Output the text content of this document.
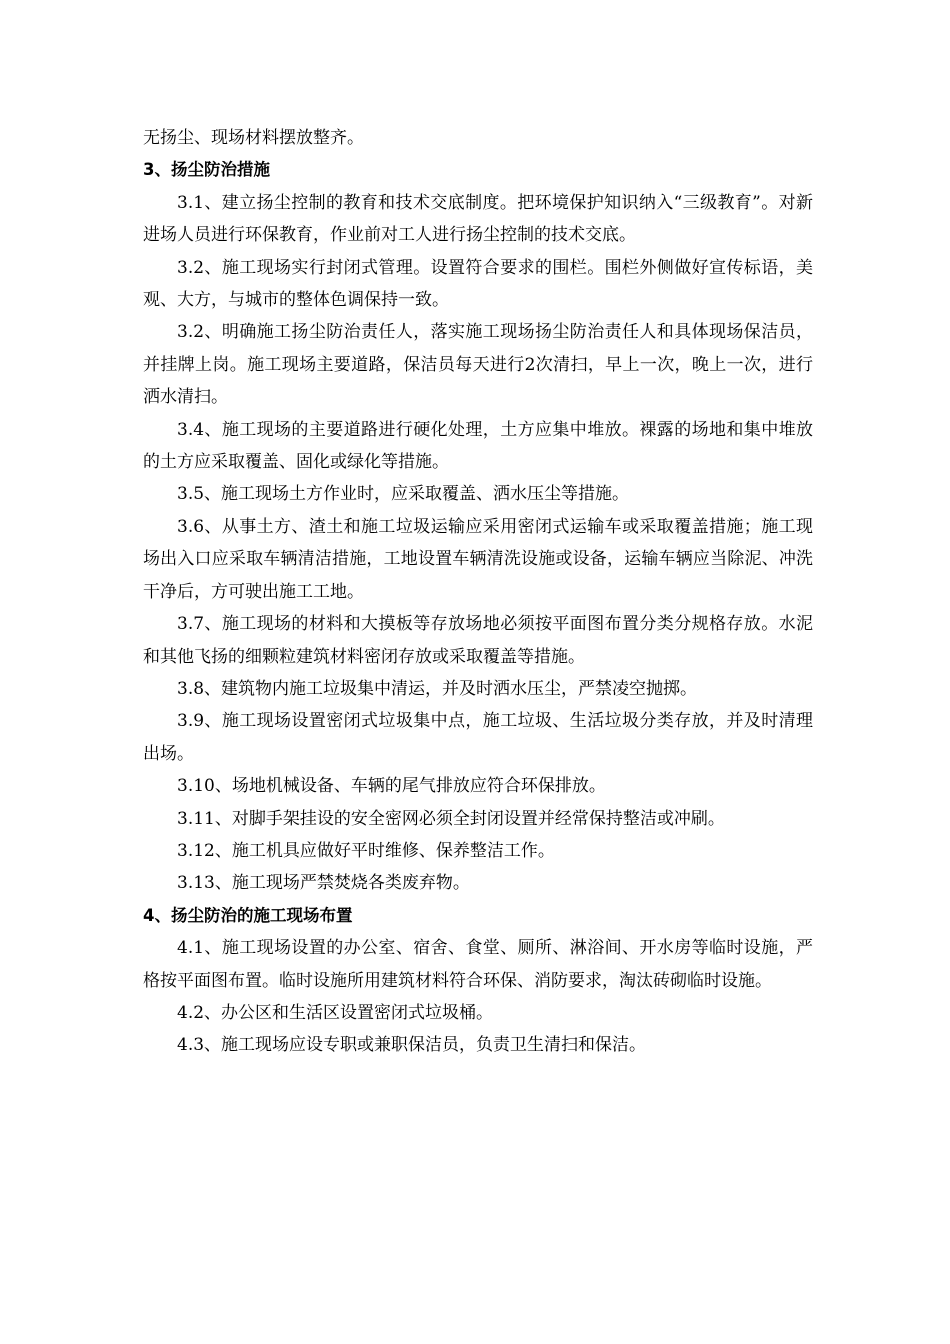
无扬尘、现场材料摆放整齐。

3、扬尘防治措施

3.1、建立扬尘控制的教育和技术交底制度。把环境保护知识纳入“三级教育”。对新进场人员进行环保教育，作业前对工人进行扬尘控制的技术交底。

3.2、施工现场实行封闭式管理。设置符合要求的围栏。围栏外侧做好宣传标语，美观、大方，与城市的整体色调保持一致。

3.2、明确施工扬尘防治责任人，落实施工现场扬尘防治责任人和具体现场保洁员，并挂牌上岗。施工现场主要道路，保洁员每天进行2次清扫，早上一次，晚上一次，进行洒水清扫。

3.4、施工现场的主要道路进行硬化处理，土方应集中堆放。裸露的场地和集中堆放的土方应采取覆盖、固化或绿化等措施。

3.5、施工现场土方作业时，应采取覆盖、洒水压尘等措施。

3.6、从事土方、渣土和施工垃圾运输应采用密闭式运输车或采取覆盖措施；施工现场出入口应采取车辆清洁措施，工地设置车辆清洗设施或设备，运输车辆应当除泥、冲洗干净后，方可驶出施工工地。

3.7、施工现场的材料和大摸板等存放场地必须按平面图布置分类分规格存放。水泥和其他飞扬的细颗粒建筑材料密闭存放或采取覆盖等措施。

3.8、建筑物内施工垃圾集中清运，并及时洒水压尘，严禁凌空抛掷。

3.9、施工现场设置密闭式垃圾集中点，施工垃圾、生活垃圾分类存放，并及时清理出场。

3.10、场地机械设备、车辆的尾气排放应符合环保排放。

3.11、对脚手架挂设的安全密网必须全封闭设置并经常保持整洁或冲刷。

3.12、施工机具应做好平时维修、保养整洁工作。

3.13、施工现场严禁焚烧各类废弃物。

4、扬尘防治的施工现场布置

4.1、施工现场设置的办公室、宿舍、食堂、厕所、淋浴间、开水房等临时设施，严格按平面图布置。临时设施所用建筑材料符合环保、消防要求，淘汰砖砌临时设施。

4.2、办公区和生活区设置密闭式垃圾桶。

4.3、施工现场应设专职或兼职保洁员，负责卫生清扫和保洁。
